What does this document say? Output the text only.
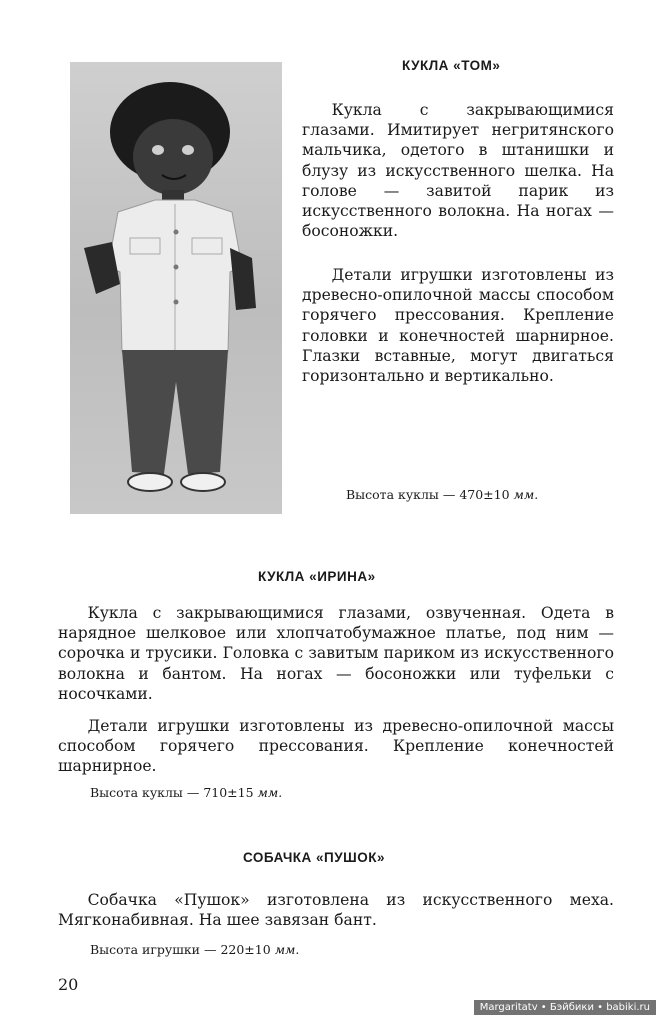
КУКЛА «ТОМ»

Кукла с закрывающимися глазами. Имитирует негритянского мальчика, одетого в штанишки и блузу из искусственного шелка. На голове — завитой парик из искусственного волокна. На ногах — босоножки.

Детали игрушки изготовлены из древесно-опилочной массы способом горячего прессования. Крепление головки и конечностей шарнирное. Глазки вставные, могут двигаться горизонтально и вертикально.

Высота куклы — 470±10 мм.
КУКЛА «ИРИНА»

Кукла с закрывающимися глазами, озвученная. Одета в нарядное шелковое или хлопчатобумажное платье, под ним — сорочка и трусики. Головка с завитым париком из искусственного волокна и бантом. На ногах — босоножки или туфельки с носочками.

Детали игрушки изготовлены из древесно-опилочной массы способом горячего прессования. Крепление конечностей шарнирное.

Высота куклы — 710±15 мм.
СОБАЧКА «ПУШОК»

Собачка «Пушок» изготовлена из искусственного меха. Мягконабивная. На шее завязан бант.

Высота игрушки — 220±10 мм.
20
Margaritatv • Бэйбики • babiki.ru
